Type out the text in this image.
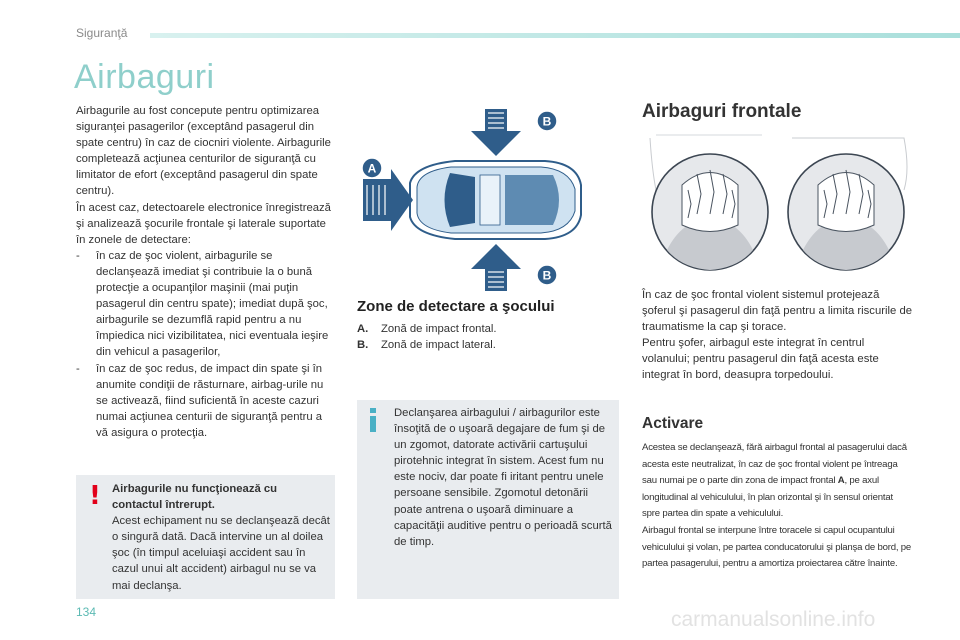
Siguranţă
Airbaguri

Airbagurile au fost concepute pentru optimizarea siguranţei pasagerilor (exceptând pasagerul din spate centru) în caz de ciocniri violente. Airbagurile completează acţiunea centurilor de siguranţă cu limitator de efort (exceptând pasagerul din spate centru).

În acest caz, detectoarele electronice înregistrează şi analizează şocurile frontale şi laterale suportate în zonele de detectare:

-	în caz de şoc violent, airbagurile se declanşează imediat şi contribuie la o bună protecţie a ocupanţilor maşinii (mai puţin pasagerul din centru spate); imediat după şoc, airbagurile se dezumflă rapid pentru a nu împiedica nici vizibilitatea, nici eventuala ieşire din vehicul a pasagerilor,
-	în caz de şoc redus, de impact din spate şi în anumite condiţii de răsturnare, airbag-urile nu se activează, fiind suficientă în aceste cazuri numai acţiunea centurii de siguranţă pentru a vă asigura o protecţia.
! Airbagurile nu funcţionează cu contactul întrerupt.
Acest echipament nu se declanşează decât o singură dată. Dacă intervine un al doilea şoc (în timpul aceluiaşi accident sau în cazul unui alt accident) airbagul nu se va mai declanşa.
B
A
B
Zone de detectare a şocului
A. Zonă de impact frontal.
B. Zonă de impact lateral.
Declanşarea airbagului / airbagurilor este însoţită de o uşoară degajare de fum şi de un zgomot, datorate activării cartuşului pirotehnic integrat în sistem. Acest fum nu este nociv, dar poate fi iritant pentru unele persoane sensibile. Zgomotul detonării poate antrena o uşoară diminuare a capacităţii auditive pentru o perioadă scurtă de timp.
Airbaguri frontale

În caz de şoc frontal violent sistemul protejează şoferul şi pasagerul din faţă pentru a limita riscurile de traumatisme la cap şi torace.

Pentru şofer, airbagul este integrat în centrul volanului; pentru pasagerul din faţă acesta este integrat în bord, deasupra torpedoului.

Activare

Acestea se declanşează, fără airbagul frontal al pasagerului dacă acesta este neutralizat, în caz de şoc frontal violent pe întreaga sau numai pe o parte din zona de impact frontal A, pe axul longitudinal al vehiculului, în plan orizontal şi în sensul orientat spre partea din spate a vehiculului.

Airbagul frontal se interpune între toracele si capul ocupantului vehiculului şi volan, pe partea conducatorului şi planşa de bord, pe partea pasagerului, pentru a amortiza proiectarea către înainte.

134	carmanualsonline.info
